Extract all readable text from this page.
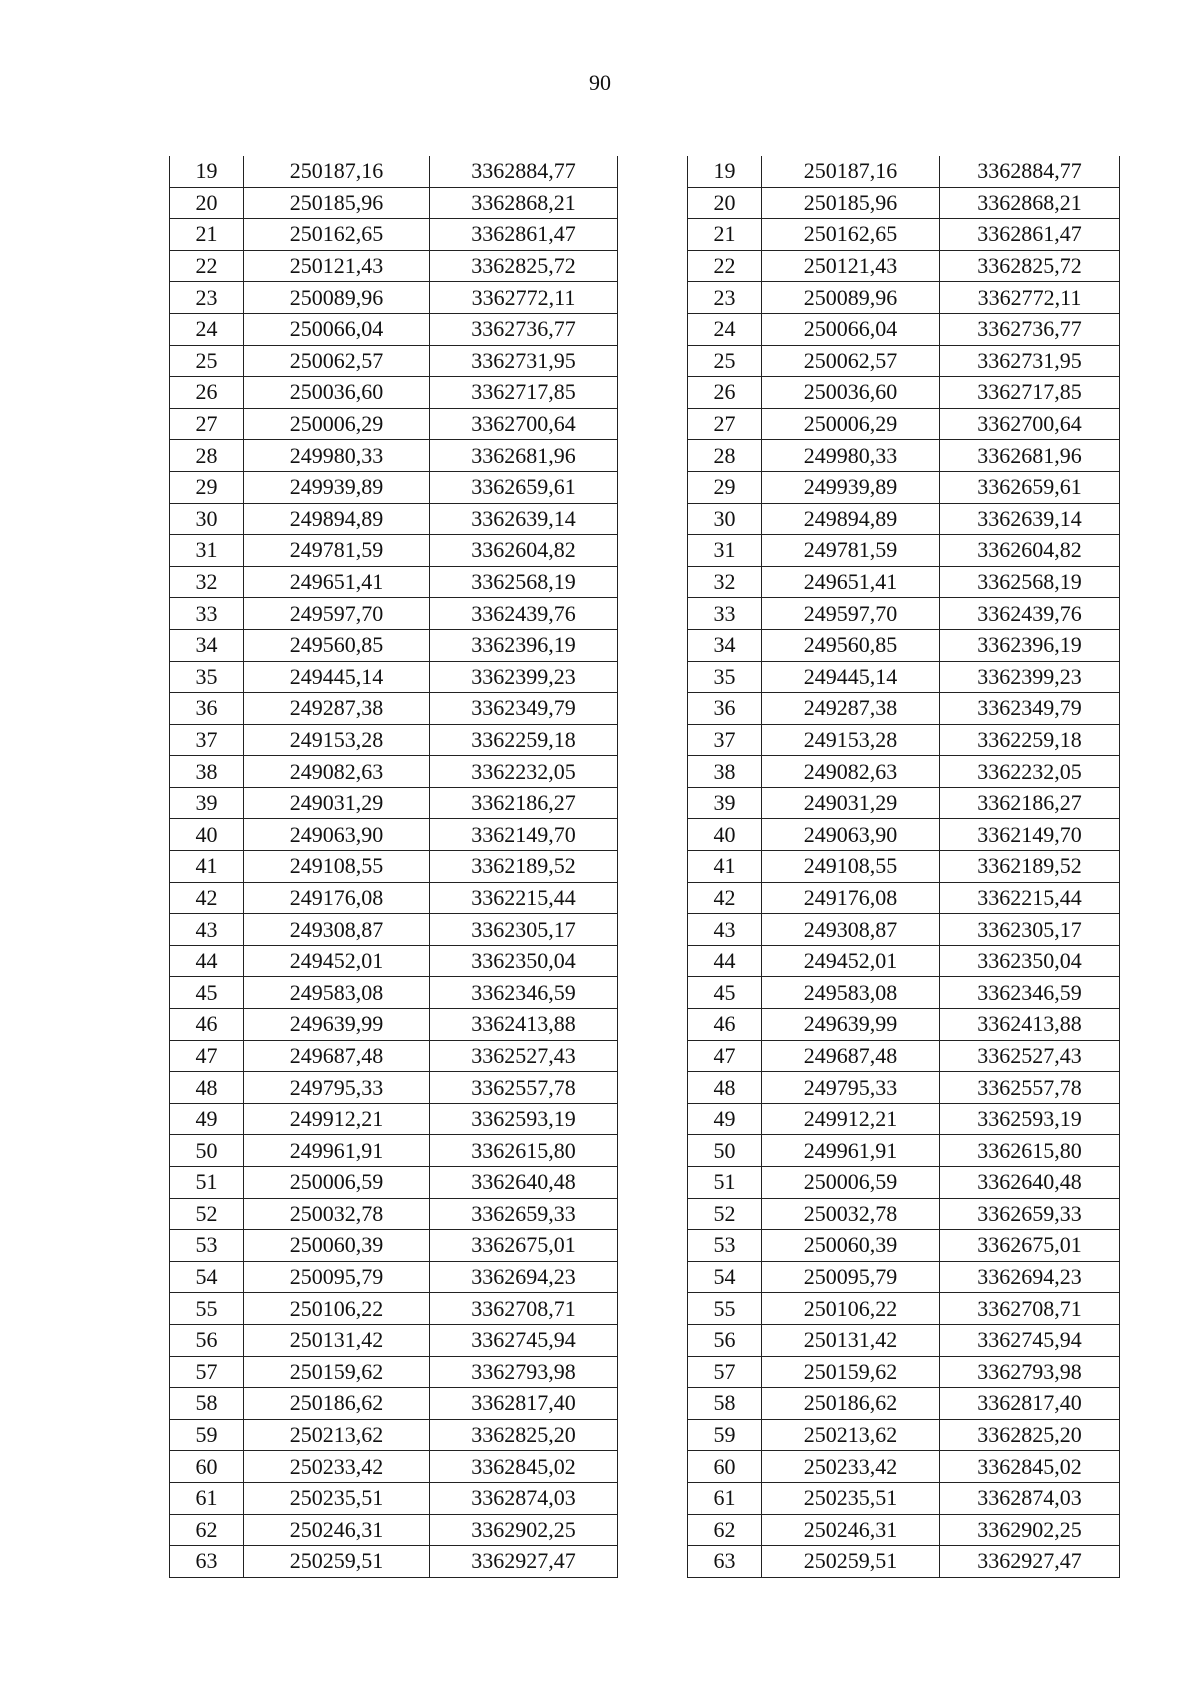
90
19	250187,16	3362884,77
20	250185,96	3362868,21
21	250162,65	3362861,47
22	250121,43	3362825,72
23	250089,96	3362772,11
24	250066,04	3362736,77
25	250062,57	3362731,95
26	250036,60	3362717,85
27	250006,29	3362700,64
28	249980,33	3362681,96
29	249939,89	3362659,61
30	249894,89	3362639,14
31	249781,59	3362604,82
32	249651,41	3362568,19
33	249597,70	3362439,76
34	249560,85	3362396,19
35	249445,14	3362399,23
36	249287,38	3362349,79
37	249153,28	3362259,18
38	249082,63	3362232,05
39	249031,29	3362186,27
40	249063,90	3362149,70
41	249108,55	3362189,52
42	249176,08	3362215,44
43	249308,87	3362305,17
44	249452,01	3362350,04
45	249583,08	3362346,59
46	249639,99	3362413,88
47	249687,48	3362527,43
48	249795,33	3362557,78
49	249912,21	3362593,19
50	249961,91	3362615,80
51	250006,59	3362640,48
52	250032,78	3362659,33
53	250060,39	3362675,01
54	250095,79	3362694,23
55	250106,22	3362708,71
56	250131,42	3362745,94
57	250159,62	3362793,98
58	250186,62	3362817,40
59	250213,62	3362825,20
60	250233,42	3362845,02
61	250235,51	3362874,03
62	250246,31	3362902,25
63	250259,51	3362927,47
19	250187,16	3362884,77
20	250185,96	3362868,21
21	250162,65	3362861,47
22	250121,43	3362825,72
23	250089,96	3362772,11
24	250066,04	3362736,77
25	250062,57	3362731,95
26	250036,60	3362717,85
27	250006,29	3362700,64
28	249980,33	3362681,96
29	249939,89	3362659,61
30	249894,89	3362639,14
31	249781,59	3362604,82
32	249651,41	3362568,19
33	249597,70	3362439,76
34	249560,85	3362396,19
35	249445,14	3362399,23
36	249287,38	3362349,79
37	249153,28	3362259,18
38	249082,63	3362232,05
39	249031,29	3362186,27
40	249063,90	3362149,70
41	249108,55	3362189,52
42	249176,08	3362215,44
43	249308,87	3362305,17
44	249452,01	3362350,04
45	249583,08	3362346,59
46	249639,99	3362413,88
47	249687,48	3362527,43
48	249795,33	3362557,78
49	249912,21	3362593,19
50	249961,91	3362615,80
51	250006,59	3362640,48
52	250032,78	3362659,33
53	250060,39	3362675,01
54	250095,79	3362694,23
55	250106,22	3362708,71
56	250131,42	3362745,94
57	250159,62	3362793,98
58	250186,62	3362817,40
59	250213,62	3362825,20
60	250233,42	3362845,02
61	250235,51	3362874,03
62	250246,31	3362902,25
63	250259,51	3362927,47
